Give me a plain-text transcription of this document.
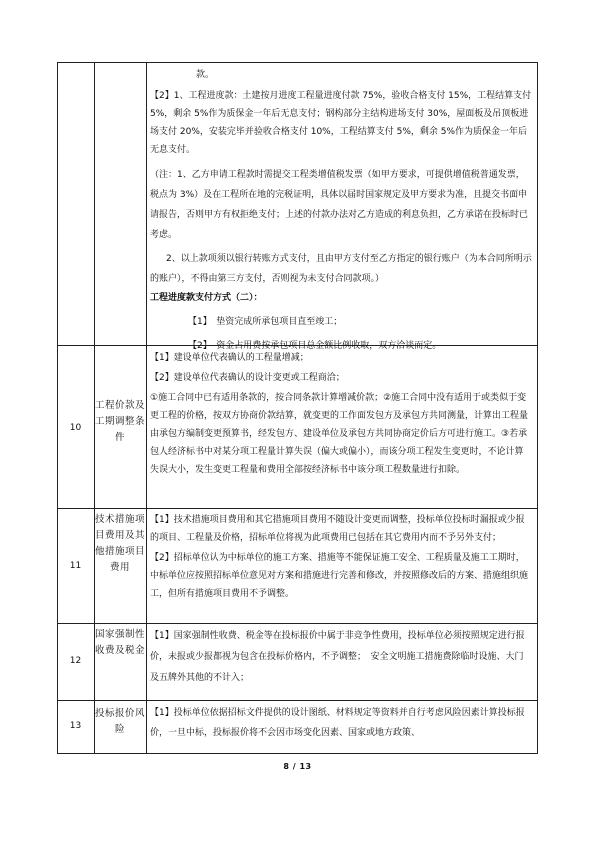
款。

【2】1、工程进度款：土建按月进度工程量进度付款 75%，验收合格支付 15%，工程结算支付 5%，剩余 5%作为质保金一年后无息支付；钢构部分主结构进场支付 30%，屋面板及吊顶板进场支付 20%，安装完毕并验收合格支付 10%，工程结算支付 5%，剩余 5%作为质保金一年后无息支付。

（注：1、乙方申请工程款时需提交工程类增值税发票（如甲方要求，可提供增值税普通发票，税点为 3%）及在工程所在地的完税证明，具体以届时国家规定及甲方要求为准，且提交书面申请报告，否则甲方有权拒绝支付；上述的付款办法对乙方造成的利息负担，乙方承诺在投标时已考虑。

2、以上款项须以银行转账方式支付，且由甲方支付至乙方指定的银行账户（为本合同所明示的账户），不得由第三方支付，否则视为未支付合同款项。）

工程进度款支付方式（二）：

【1】　垫资完成所承包项目直至竣工；

【2】　资金占用费按承包项目总金额比例收取，双方洽谈而定。

10
工程价款及工期调整条件

【1】建设单位代表确认的工程量增减；

【2】建设单位代表确认的设计变更或工程商洽；

①施工合同中已有适用条款的，按合同条款计算增减价款；②施工合同中没有适用于或类似于变更工程的价格，按双方协商价款结算，就变更的工作面发包方及承包方共同测量，计算出工程量由承包方编制变更预算书，经发包方、建设单位及承包方共同协商定价后方可进行施工。③若承包人经济标书中对某分项工程量计算失误（偏大或偏小），而该分项工程发生变更时，不论计算失误大小，发生变更工程量和费用全部按经济标书中该分项工程数量进行扣除。

11
技术措施项目费用及其他措施项目费用

【1】技术措施项目费用和其它措施项目费用不随设计变更而调整，投标单位投标时漏报或少报的项目、工程量及价格，招标单位将视为此项费用已包括在其它费用内而不予另外支付；

【2】招标单位认为中标单位的施工方案、措施等不能保证施工安全、工程质量及施工工期时，中标单位应按照招标单位意见对方案和措施进行完善和修改，并按照修改后的方案、措施组织施工，但所有措施项目费用不予调整。

12
国家强制性收费及税金

【1】国家强制性收费、税金等在投标报价中属于非竞争性费用，投标单位必须按照规定进行报价，未报或少报都视为包含在投标价格内，不予调整；　安全文明施工措施费除临时设施、大门及五牌外其他的不计入；

13
投标报价风险

【1】投标单位依据招标文件提供的设计图纸、材料规定等资料并自行考虑风险因素计算投标报价，一旦中标，投标报价将不会因市场变化因素、国家或地方政策、

8 / 13
